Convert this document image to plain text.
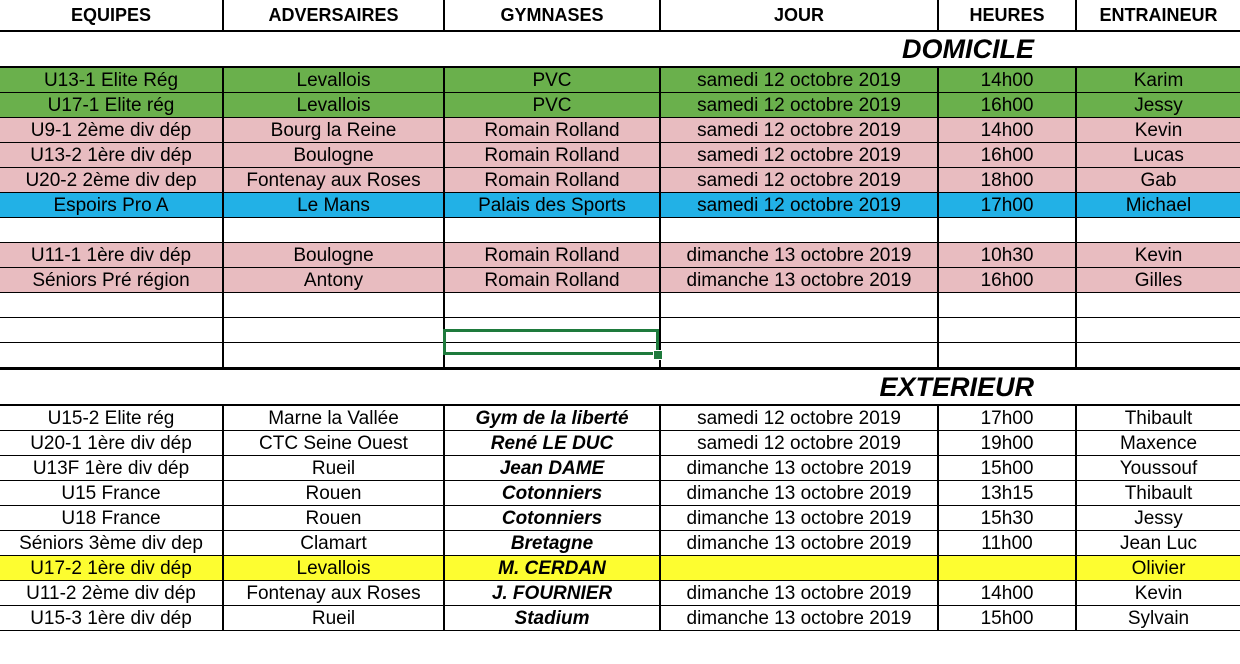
EQUIPES	ADVERSAIRES	GYMNASES	JOUR	HEURES	ENTRAINEUR
DOMICILE					
U13-1 Elite Rég	Levallois	PVC	samedi 12 octobre 2019	14h00	Karim
U17-1 Elite rég	Levallois	PVC	samedi 12 octobre 2019	16h00	Jessy
U9-1 2ème div dép	Bourg la Reine	Romain Rolland	samedi 12 octobre 2019	14h00	Kevin
U13-2 1ère div dép	Boulogne	Romain Rolland	samedi 12 octobre 2019	16h00	Lucas
U20-2 2ème div dep	Fontenay aux Roses	Romain Rolland	samedi 12 octobre 2019	18h00	Gab
Espoirs Pro A	Le Mans	Palais des Sports	samedi 12 octobre 2019	17h00	Michael

U11-1 1ère div dép	Boulogne	Romain Rolland	dimanche 13 octobre 2019	10h30	Kevin
Séniors Pré région	Antony	Romain Rolland	dimanche 13 octobre 2019	16h00	Gilles

EXTERIEUR					
U15-2 Elite rég	Marne la Vallée	Gym de la liberté	samedi 12 octobre 2019	17h00	Thibault
U20-1 1ère div dép	CTC Seine Ouest	René LE DUC	samedi 12 octobre 2019	19h00	Maxence
U13F 1ère div dép	Rueil	Jean DAME	dimanche 13 octobre 2019	15h00	Youssouf
U15 France	Rouen	Cotonniers	dimanche 13 octobre 2019	13h15	Thibault
U18 France	Rouen	Cotonniers	dimanche 13 octobre 2019	15h30	Jessy
Séniors 3ème div dep	Clamart	Bretagne	dimanche 13 octobre 2019	11h00	Jean Luc
U17-2 1ère div dép	Levallois	M. CERDAN			Olivier
U11-2 2ème div dép	Fontenay aux Roses	J. FOURNIER	dimanche 13 octobre 2019	14h00	Kevin
U15-3 1ère div dép	Rueil	Stadium	dimanche 13 octobre 2019	15h00	Sylvain
